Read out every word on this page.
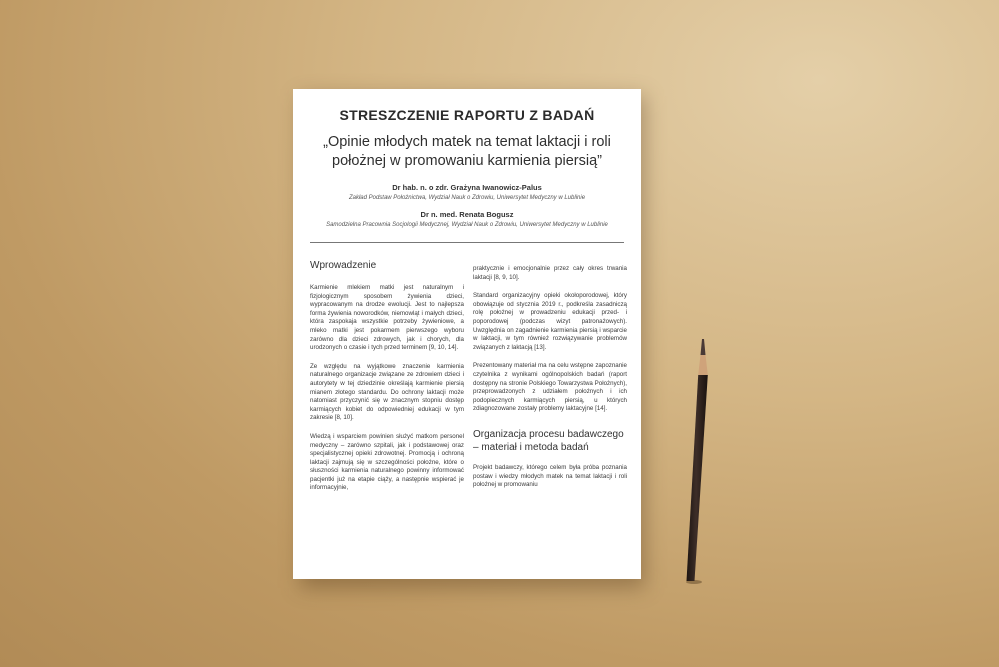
STRESZCZENIE RAPORTU Z BADAŃ
„Opinie młodych matek na temat laktacji i roli położnej w promowaniu karmienia piersią”
Dr hab. n. o zdr. Grażyna Iwanowicz-Palus
Zakład Podstaw Położnictwa, Wydział Nauk o Zdrowiu, Uniwersytet Medyczny w Lublinie
Dr n. med. Renata Bogusz
Samodzielna Pracownia Socjologii Medycznej, Wydział Nauk o Zdrowiu, Uniwersytet Medyczny w Lublinie
Wprowadzenie

Karmienie mlekiem matki jest naturalnym i fizjologicznym sposobem żywienia dzieci, wypracowanym na drodze ewolucji. Jest to najlepsza forma żywienia noworodków, niemowląt i małych dzieci, która zaspokaja wszystkie potrzeby żywieniowe, a mleko matki jest pokarmem pierwszego wyboru zarówno dla dzieci zdrowych, jak i chorych, dla urodzonych o czasie i tych przed terminem [9, 10, 14].

Ze względu na wyjątkowe znaczenie karmienia naturalnego organizacje związane ze zdrowiem dzieci i autorytety w tej dziedzinie określają karmienie piersią mianem złotego standardu. Do ochrony laktacji może natomiast przyczynić się w znacznym stopniu dostęp karmiących kobiet do odpowiedniej edukacji w tym zakresie [8, 10].

Wiedzą i wsparciem powinien służyć matkom personel medyczny – zarówno szpitali, jak i podstawowej oraz specjalistycznej opieki zdrowotnej. Promocją i ochroną laktacji zajmują się w szczególności położne, które o słuszności karmienia naturalnego powinny informować pacjentki już na etapie ciąży, a następnie wspierać je informacyjnie,

praktycznie i emocjonalnie przez cały okres trwania laktacji [8, 9, 10].

Standard organizacyjny opieki okołoporodowej, który obowiązuje od stycznia 2019 r., podkreśla zasadniczą rolę położnej w prowadzeniu edukacji przed- i poporodowej (podczas wizyt patronażowych). Uwzględnia on zagadnienie karmienia piersią i wsparcie w laktacji, w tym również rozwiązywanie problemów związanych z laktacją [13].

Prezentowany materiał ma na celu wstępne zapoznanie czytelnika z wynikami ogólnopolskich badań (raport dostępny na stronie Polskiego Towarzystwa Położnych), przeprowadzonych z udziałem położnych i ich podopiecznych karmiących piersią, u których zdiagnozowane zostały problemy laktacyjne [14].

Organizacja procesu badawczego – materiał i metoda badań

Projekt badawczy, którego celem była próba poznania postaw i wiedzy młodych matek na temat laktacji i roli położnej w promowaniu
